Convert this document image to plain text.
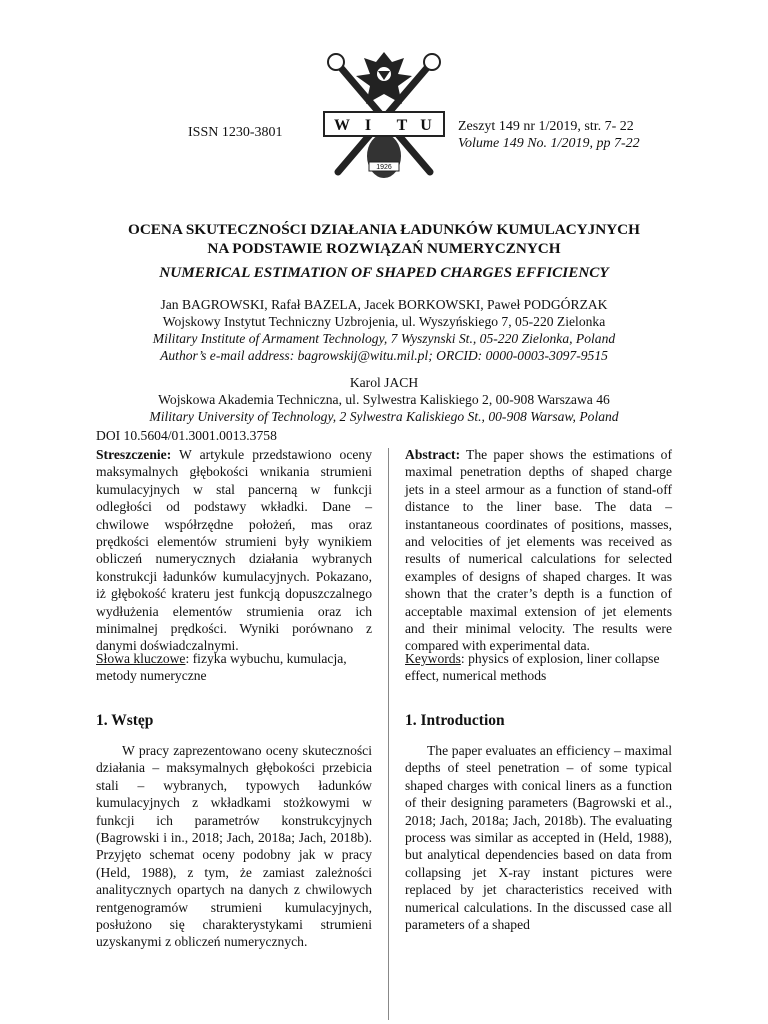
ISSN 1230-3801
1926
W I T U Zeszyt 149 nr 1/2019, str. 7- 22
Volume 149 No. 1/2019, pp 7-22
OCENA SKUTECZNOŚCI DZIAŁANIA ŁADUNKÓW KUMULACYJNYCH
NA PODSTAWIE ROZWIĄZAŃ NUMERYCZNYCH
NUMERICAL ESTIMATION OF SHAPED CHARGES EFFICIENCY
Jan BAGROWSKI, Rafał BAZELA, Jacek BORKOWSKI, Paweł PODGÓRZAK
Wojskowy Instytut Techniczny Uzbrojenia, ul. Wyszyńskiego 7, 05-220 Zielonka
Military Institute of Armament Technology, 7 Wyszynski St., 05-220 Zielonka, Poland
Author’s e-mail address: bagrowskij@witu.mil.pl; ORCID: 0000-0003-3097-9515
Karol JACH
Wojskowa Akademia Techniczna, ul. Sylwestra Kaliskiego 2, 00-908 Warszawa 46
Military University of Technology, 2 Sylwestra Kaliskiego St., 00-908 Warsaw, Poland
DOI 10.5604/01.3001.0013.3758
Streszczenie: W artykule przedstawiono oceny maksymalnych głębokości wnikania strumieni kumulacyjnych w stal pancerną w funkcji odległości od podstawy wkładki. Dane – chwilowe współrzędne położeń, mas oraz prędkości elementów strumieni były wynikiem obliczeń numerycznych działania wybranych konstrukcji ładunków kumulacyjnych. Pokazano, iż głębokość krateru jest funkcją dopuszczalnego wydłużenia elementów strumienia oraz ich minimalnej prędkości. Wyniki porównano z danymi doświadczalnymi.
Słowa kluczowe: fizyka wybuchu, kumulacja, metody numeryczne
1. Wstęp
W pracy zaprezentowano oceny skuteczności działania – maksymalnych głębokości przebicia stali – wybranych, typowych ładunków kumulacyjnych z wkładkami stożkowymi w funkcji ich parametrów konstrukcyjnych (Bagrowski i in., 2018; Jach, 2018a; Jach, 2018b). Przyjęto schemat oceny podobny jak w pracy (Held, 1988), z tym, że zamiast zależności analitycznych opartych na danych z chwilowych rentgenogramów strumieni kumulacyjnych, posłużono się charakterystykami strumieni uzyskanymi z obliczeń numerycznych.
Abstract: The paper shows the estimations of maximal penetration depths of shaped charge jets in a steel armour as a function of stand-off distance to the liner base. The data – instantaneous coordinates of positions, masses, and velocities of jet elements was received as results of numerical calculations for selected examples of designs of shaped charges. It was shown that the crater’s depth is a function of acceptable maximal extension of jet elements and their minimal velocity. The results were compared with experimental data.
Keywords: physics of explosion, liner collapse effect, numerical methods
1. Introduction
The paper evaluates an efficiency – maximal depths of steel penetration – of some typical shaped charges with conical liners as a function of their designing parameters (Bagrowski et al., 2018; Jach, 2018a; Jach, 2018b). The evaluating process was similar as accepted in (Held, 1988), but analytical dependencies based on data from collapsing jet X-ray instant pictures were replaced by jet characteristics received with numerical calculations. In the discussed case all parameters of a shaped
